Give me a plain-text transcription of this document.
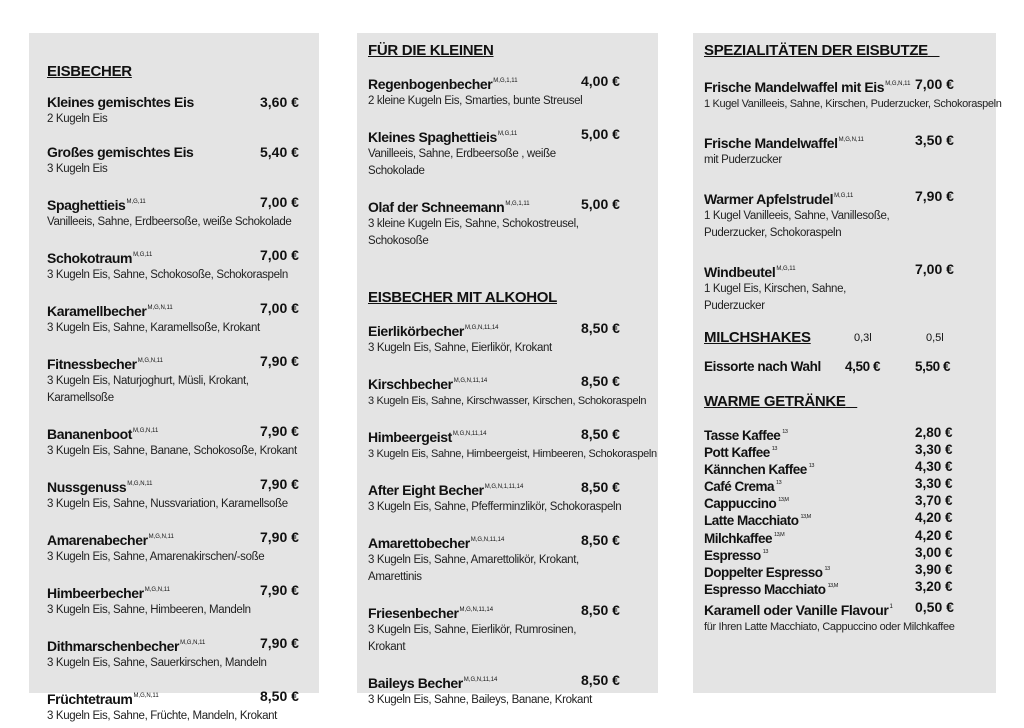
EISBECHER
Kleines gemischtes Eis	3,60 €
2 Kugeln Eis
Großes gemischtes Eis	5,40 €
3 Kugeln Eis
Spaghettieis$^{M,G,11}$	7,00 €
Vanilleeis, Sahne, Erdbeersoße, weiße Schokolade
Schokotraum$^{M,G,11}$	7,00 €
3 Kugeln Eis, Sahne, Schokosoße, Schokoraspeln
Karamellbecher$^{M,G,N,11}$	7,00 €
3 Kugeln Eis, Sahne, Karamellsoße, Krokant
Fitnessbecher$^{M,G,N,11}$	7,90 €
3 Kugeln Eis, Naturjoghurt, Müsli, Krokant, Karamellsoße
Bananenboot$^{M,G,N,11}$	7,90 €
3 Kugeln Eis, Sahne, Banane, Schokosoße, Krokant
Nussgenuss$^{M,G,N,11}$	7,90 €
3 Kugeln Eis, Sahne, Nussvariation, Karamellsoße
Amarenabecher$^{M,G,N,11}$	7,90 €
3 Kugeln Eis, Sahne, Amarenakirschen/-soße
Himbeerbecher$^{M,G,N,11}$	7,90 €
3 Kugeln Eis, Sahne, Himbeeren, Mandeln
Dithmarschenbecher$^{M,G,N,11}$	7,90 €
3 Kugeln Eis, Sahne, Sauerkirschen, Mandeln
Früchtetraum$^{M,G,N,11}$	8,50 €
3 Kugeln Eis, Sahne, Früchte, Mandeln, Krokant
FÜR DIE KLEINEN
Regenbogenbecher$^{M,G,1,11}$	4,00 €
2 kleine Kugeln Eis, Smarties, bunte Streusel
Kleines Spaghettieis$^{M,G,11}$	5,00 €
Vanilleeis, Sahne, Erdbeersoße , weiße Schokolade
Olaf der Schneemann$^{M,G,1,11}$	5,00 €
3 kleine Kugeln Eis, Sahne, Schokostreusel, Schokosoße
EISBECHER MIT ALKOHOL
Eierlikörbecher$^{M,G,N,11,14}$	8,50 €
3 Kugeln Eis, Sahne, Eierlikör, Krokant
Kirschbecher$^{M,G,N,11,14}$	8,50 €
3 Kugeln Eis, Sahne, Kirschwasser, Kirschen, Schokoraspeln
Himbeergeist$^{M,G,N,11,14}$	8,50 €
3 Kugeln Eis, Sahne, Himbeergeist, Himbeeren, Schokoraspeln
After Eight Becher$^{M,G,N,1,11,14}$	8,50 €
3 Kugeln Eis, Sahne, Pfefferminzlikör, Schokoraspeln
Amarettobecher$^{M,G,N,11,14}$	8,50 €
3 Kugeln Eis, Sahne, Amarettolikör, Krokant, Amarettinis
Friesenbecher$^{M,G,N,11,14}$	8,50 €
3 Kugeln Eis, Sahne, Eierlikör, Rumrosinen, Krokant
Baileys Becher$^{M,G,N,11,14}$	8,50 €
3 Kugeln Eis, Sahne, Baileys, Banane, Krokant
SPEZIALITÄTEN DER EISBUTZE
Frische Mandelwaffel mit Eis$^{M,G,N,11}$ 7,00 €
1 Kugel Vanilleeis, Sahne, Kirschen, Puderzucker, Schokoraspeln
Frische Mandelwaffel$^{M,G,N,11}$	3,50 €
mit Puderzucker
Warmer Apfelstrudel$^{M,G,11}$	7,90 €
1 Kugel Vanilleeis, Sahne, Vanillesoße, Puderzucker, Schokoraspeln
Windbeutel$^{M,G,11}$	7,00 €
1 Kugel Eis, Kirschen, Sahne, Puderzucker
MILCHSHAKES	0,3l	0,5l
Eissorte nach Wahl 4,50 €	5,50 €
WARME GETRÄNKE
Tasse Kaffee $^{13}$	2,80 €
Pott Kaffee $^{13}$	3,30 €
Kännchen Kaffee $^{13}$	4,30 €
Café Crema $^{13}$	3,30 €
Cappuccino $^{13,M}$	3,70 €
Latte Macchiato $^{13,M}$	4,20 €
Milchkaffee $^{13,M}$	4,20 €
Espresso $^{13}$	3,00 €
Doppelter Espresso $^{13}$	3,90 €
Espresso Macchiato $^{13,M}$	3,20 €
Karamell oder Vanille Flavour$^1$	0,50 €
für Ihren Latte Macchiato, Cappuccino oder Milchkaffee
